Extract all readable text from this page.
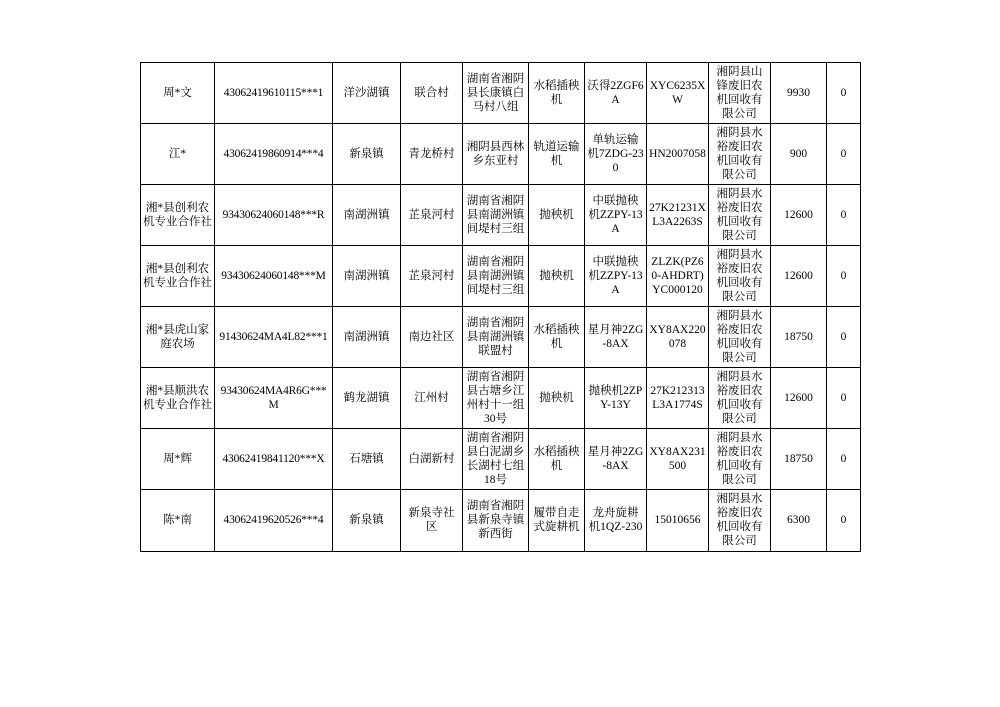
周*文	43062419610115***1	洋沙湖镇	联合村	湖南省湘阴县长康镇白马村八组	水稻插秧机	沃得2ZGF6A	XYC6235XW	湘阴县山锋废旧农机回收有限公司	9930	0
江*	43062419860914***4	新泉镇	青龙桥村	湘阴县西林乡东亚村	轨道运输机	单轨运输机7ZDG-230	HN2007058	湘阴县水裕废旧农机回收有限公司	900	0
湘*县创利农机专业合作社	93430624060148***R	南湖洲镇	芷泉河村	湖南省湘阴县南湖洲镇间堤村三组	抛秧机	中联抛秧机ZZPY-13A	27K21231XL3A2263S	湘阴县水裕废旧农机回收有限公司	12600	0
湘*县创利农机专业合作社	93430624060148***M	南湖洲镇	芷泉河村	湖南省湘阴县南湖洲镇间堤村三组	抛秧机	中联抛秧机ZZPY-13A	ZLZK(PZ60-AHDRT)YC000120	湘阴县水裕废旧农机回收有限公司	12600	0
湘*县虎山家庭农场	91430624MA4L82***1	南湖洲镇	南边社区	湖南省湘阴县南湖洲镇联盟村	水稻插秧机	星月神2ZG-8AX	XY8AX220078	湘阴县水裕废旧农机回收有限公司	18750	0
湘*县顺洪农机专业合作社	93430624MA4R6G***M	鹤龙湖镇	江州村	湖南省湘阴县古塘乡江州村十一组30号	抛秧机	抛秧机2ZPY-13Y	27K212313L3A1774S	湘阴县水裕废旧农机回收有限公司	12600	0
周*辉	43062419841120***X	石塘镇	白湖新村	湖南省湘阴县白泥湖乡长湖村七组18号	水稻插秧机	星月神2ZG-8AX	XY8AX231500	湘阴县水裕废旧农机回收有限公司	18750	0
陈*南	43062419620526***4	新泉镇	新泉寺社区	湖南省湘阴县新泉寺镇新西街	履带自走式旋耕机	龙舟旋耕机1QZ-230	15010656	湘阴县水裕废旧农机回收有限公司	6300	0
